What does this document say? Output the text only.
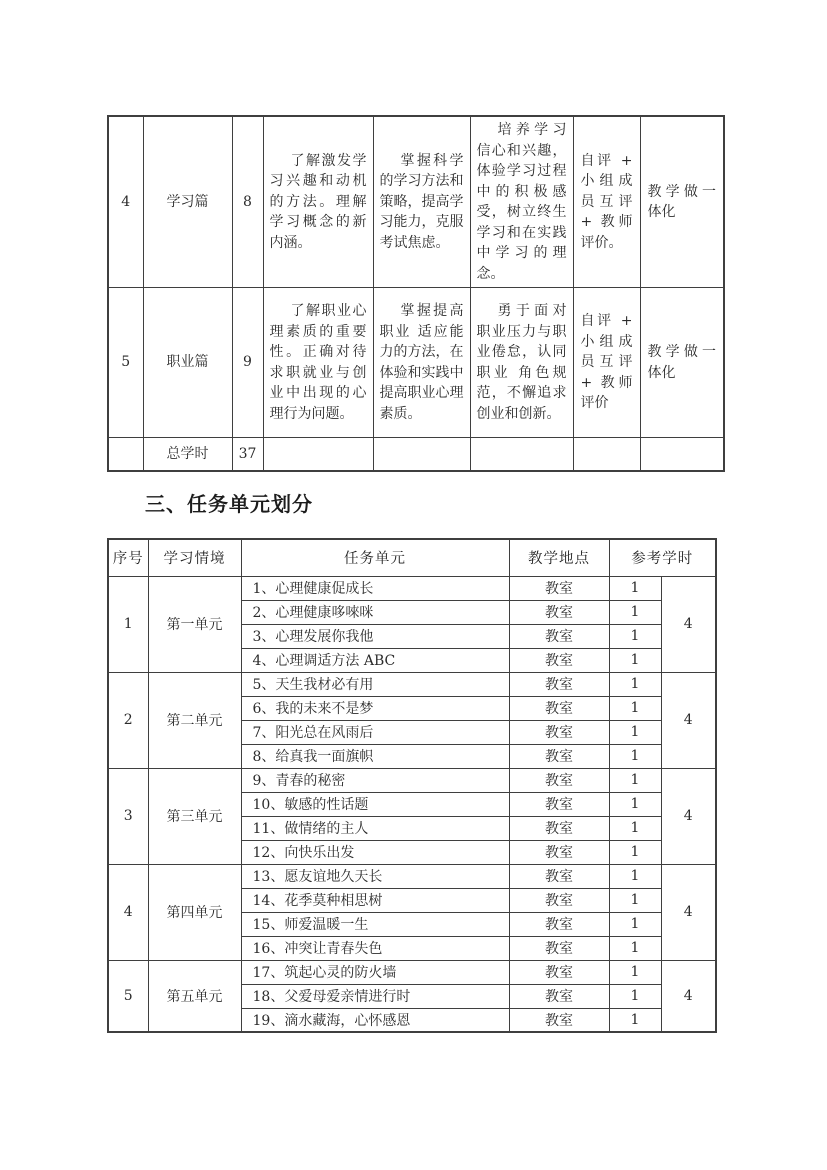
4	学习篇	8	了解激发学习兴趣和动机的方法。理解学习概念的新内涵。	掌握科学的学习方法和策略，提高学习能力，克服考试焦虑。	培养学习信心和兴趣，体验学习过程中的积极感受，树立终生学习和在实践中学习的理念。	自评 + 小组成员互评 + 教师评价。	教学做一体化
5	职业篇	9	了解职业心理素质的重要性。正确对待求职就业与创业中出现的心理行为问题。	掌握提高职业 适应能力的方法，在体验和实践中提高职业心理素质。	勇于面对职业压力与职业倦怠，认同职业 角色规范，不懈追求创业和创新。	自评 + 小组成员互评 + 教师评价	教学做一体化
	总学时	37					
三、任务单元划分
序号	学习情境	任务单元	教学地点	参考学时	
1	第一单元	1、心理健康促成长	教室	1	4
		2、心理健康哆唻咪	教室	1	
		3、心理发展你我他	教室	1	
		4、心理调适方法 ABC	教室	1	
2	第二单元	5、天生我材必有用	教室	1	4
		6、我的未来不是梦	教室	1	
		7、阳光总在风雨后	教室	1	
		8、给真我一面旗帜	教室	1	
3	第三单元	9、青春的秘密	教室	1	4
		10、敏感的性话题	教室	1	
		11、做情绪的主人	教室	1	
		12、向快乐出发	教室	1	
4	第四单元	13、愿友谊地久天长	教室	1	4
		14、花季莫种相思树	教室	1	
		15、师爱温暖一生	教室	1	
		16、冲突让青春失色	教室	1	
5	第五单元	17、筑起心灵的防火墙	教室	1	4
		18、父爱母爱亲情进行时	教室	1	
		19、滴水藏海，心怀感恩	教室	1	
